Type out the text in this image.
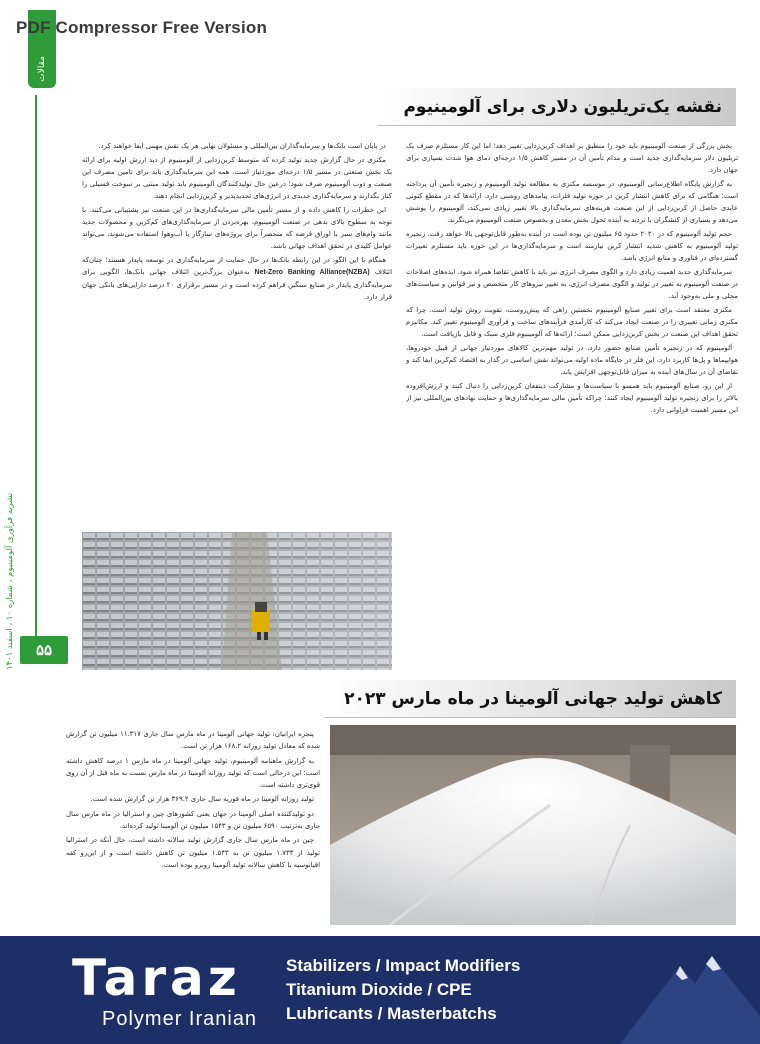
PDF Compressor Free Version
مقالات
نشریه فرآوری آلومینیوم ، شماره ۱۰ ، اسفند ۱۴۰۱
۵۵
نقشه یک‌تریلیون دلاری برای آلومینیوم

در پایان است بانک‌ها و سرمایه‌گذاران بین‌المللی و مسئولان نهایی هر یک نقش مهمی ایفا خواهند کرد.

مکنزی در حال گزارش جدید تولید کرده که متوسط کربن‌زدایی از آلومینیوم از دید ارزش اولیه برای ارائه یک بخش صنعتی در مسیر ۱/۵ درجه‌ای موردنیاز است. همه این سرمایه‌گذاری باید برای تامین مصرف این صنعت و ذوب آلومینیوم صرف شود؛ درعین حال تولیدکنندگان آلومینیوم باید تولید مبتنی بر سوخت فسیلی را کنار بگذارند و سرمایه‌گذاری جدیدی در انرژی‌های تجدیدپذیر و کربن‌زدایی انجام دهند.

این خطرات را کاهش داده و از مسیر تأمین مالی سرمایه‌گذاری‌ها در این صنعت نیز پشتیبانی می‌کنند. با توجه به سطوح بالای بدهی در صنعت آلومینیوم، بهره‌بردن از سرمایه‌گذاری‌های کم‌کربن و محصولات جدید مانند وام‌های سبز یا اوراق قرضه که منحصراً برای پروژه‌های سازگار با آب‌وهوا استفاده می‌شوند، می‌تواند عوامل کلیدی در تحقق اهداف جهانی باشد.

همگام با این الگو، در این رابطه بانک‌ها در حال حمایت از سرمایه‌گذاری در توسعه پایدار هستند؛ چنان‌که ائتلاف Net-Zero Banking Alliance(NZBA) به‌عنوان بزرگ‌ترین ائتلاف جهانی بانک‌ها، الگویی برای سرمایه‌گذاری پایدار در صنایع سنگین فراهم کرده است و در مسیر برقراری ۲۰ درصد دارایی‌های بانکی جهان قرار دارد.

بخش بزرگی از صنعت آلومینیوم باید خود را منطبق بر اهداف کربن‌زدایی تغییر دهد؛ اما این کار مستلزم صرف یک تریلیون دلار سرمایه‌گذاری جدید است و مدام تأمین آن در مسیر کاهش ۱/۵ درجه‌ای دمای هوا شدت بسیاری برای جهان دارد.

به گزارش پایگاه اطلاع‌رسانی آلومینیوم، در موسسه مکنزی به مطالعه تولید آلومینیوم و زنجیره تأمین آن پرداخته است؛ هنگامی که برای کاهش انتشار کربن در حوزه تولید فلزات، پیامدهای روشنی دارد. ارائه‌ها که در مقطع کنونی عایدی حاصل از کربن‌زدایی از این صنعت هزینه‌های سرمایه‌گذاری بالا تغییر زیادی نمی‌کند، آلومینیوم را پوشش می‌دهد و بسیاری از کنشگران با تردید به آینده تحول بخش معدن و بخصوص صنعت آلومینیوم می‌نگرند.

حجم تولید آلومینیوم که در ۲۰۲۰ حدود ۶۵ میلیون تن بوده است در آینده به‌طور قابل‌توجهی بالا خواهد رفت. زنجیره تولید آلومینیوم به کاهش شدید انتشار کربن نیازمند است و سرمایه‌گذاری‌ها در این حوزه باید مستلزم تغییرات گسترده‌ای در فناوری و منابع انرژی باشد.

سرمایه‌گذاری جدید اهمیت زیادی دارد و الگوی مصرف انرژی نیز باید با کاهش تقاضا همراه شود. ایده‌های اصلاحات در صنعت آلومینیوم به تغییر در تولید و الگوی مصرف انرژی، به تغییر نیروهای کار متخصص و نیز قوانین و سیاست‌های محلی و ملی به‌وجود آید.

مکنزی معتقد است برای تغییر صنایع آلومینیوم نخستین راهی که پیش‌روست، تقویت روش تولید است. چرا که مکنزی زمانی تغییری را در صنعت ایجاد می‌کند که کارآمدی فرآیندهای ساخت و فرآوری آلومینیوم تغییر کند. مکانیزم تحقق اهداف این صنعت در بخش کربن‌زدایی ممکن است؛ ارائه‌ها که آلومینیوم فلزی سبک و قابل بازیافت است.

آلومینیوم که در زنجیره تأمین صنایع حضور دارد، در تولید مهم‌ترین کالاهای موردنیاز جهانی از قبیل خودروها، هواپیماها و پل‌ها کاربرد دارد. این فلز در جایگاه ماده اولیه می‌تواند نقش اساسی در گذار به اقتصاد کم‌کربن ایفا کند و تقاضای آن در سال‌های آینده به میزان قابل‌توجهی افزایش یابد.

از این رو، صنایع آلومینیوم باید همسو با سیاست‌ها و مشارکت ذینفعان کربن‌زدایی را دنبال کنند و ارزش‌افزوده بالاتر را برای زنجیره تولید آلومینیوم ایجاد کنند؛ چراکه تأمین مالی سرمایه‌گذاری‌ها و حمایت نهادهای بین‌المللی نیز از این مسیر اهمیت فراوانی دارد.

کاهش تولید جهانی آلومینا در ماه مارس ۲۰۲۳

پنجره ایرانیان: تولید جهانی آلومینا در ماه مارس سال جاری ۱۱.۳۱۷ میلیون تن گزارش شده که معادل تولید روزانه ۱۶۸.۲ هزار تن است.

به گزارش ماهنامه آلومینیوم، تولید جهانی آلومینا در ماه مارس ۱ درصد کاهش داشته است؛ این درحالی است که تولید روزانه آلومینا در ماه مارس نسبت به ماه قبل از آن روی قوی‌تری داشته است.

تولید روزانه آلومینا در ماه فوریه سال جاری ۳۶۹.۲ هزار تن گزارش شده است.

دو تولیدکننده اصلی آلومینا در جهان یعنی کشورهای چین و استرالیا در ماه مارس سال جاری به‌ترتیب ۶۵۹۰ میلیون تن و ۱۵۴۳ میلیون تن آلومینا تولید کرده‌اند.

چین در ماه مارس سال جاری گزارش تولید سالانه داشته است، حال آنکه در استرالیا تولید از ۱.۷۳۳ میلیون تن به ۱.۵۴۳ میلیون تن کاهش داشته است و از این‌رو کفه اقیانوسیه با کاهش سالانه تولید آلومینا روبرو بوده است.

Taraz
Polymer Iranian
Stabilizers / Impact Modifiers
Titanium Dioxide / CPE
Lubricants / Masterbatchs
